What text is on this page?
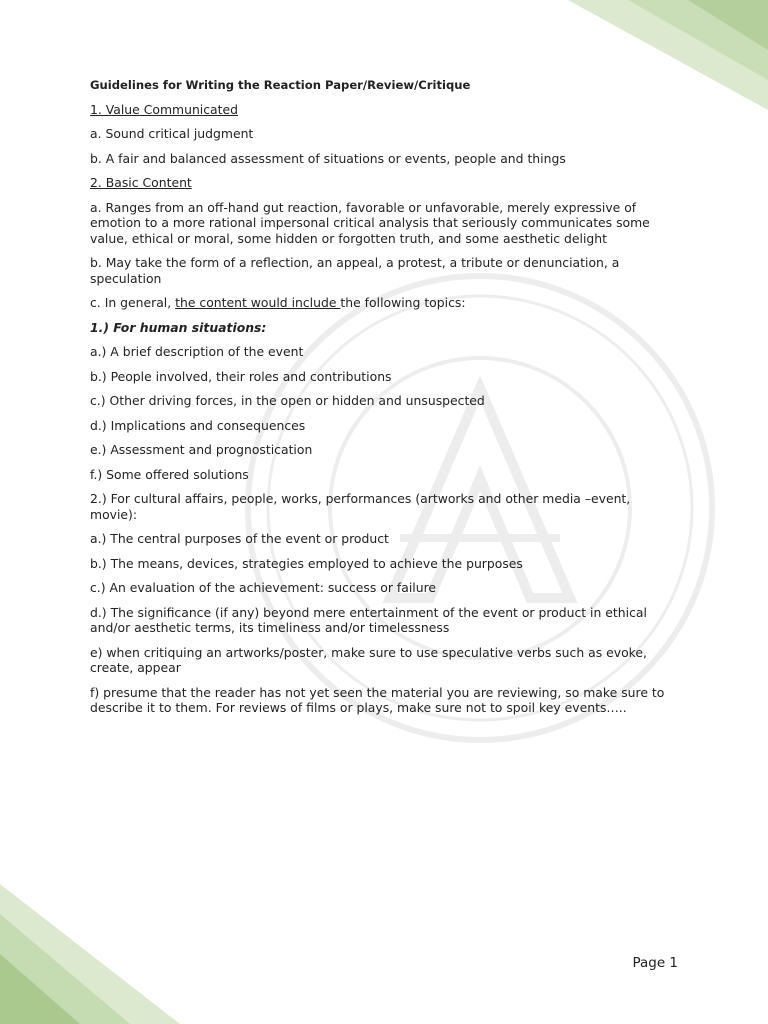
Guidelines for Writing the Reaction Paper/Review/Critique

1. Value Communicated

a. Sound critical judgment

b. A fair and balanced assessment of situations or events, people and things

2. Basic Content

a. Ranges from an off-hand gut reaction, favorable or unfavorable, merely expressive of emotion to a more rational impersonal critical analysis that seriously communicates some value, ethical or moral, some hidden or forgotten truth, and some aesthetic delight

b. May take the form of a reflection, an appeal, a protest, a tribute or denunciation, a speculation

c. In general, the content would include the following topics:

1.) For human situations:

a.) A brief description of the event

b.) People involved, their roles and contributions

c.) Other driving forces, in the open or hidden and unsuspected

d.) Implications and consequences

e.) Assessment and prognostication

f.) Some offered solutions

2.) For cultural affairs, people, works, performances (artworks and other media –event, movie):

a.) The central purposes of the event or product

b.) The means, devices, strategies employed to achieve the purposes

c.) An evaluation of the achievement: success or failure

d.) The significance (if any) beyond mere entertainment of the event or product in ethical and/or aesthetic terms, its timeliness and/or timelessness

e) when critiquing an artworks/poster, make sure to use speculative verbs such as evoke, create, appear

f) presume that the reader has not yet seen the material you are reviewing, so make sure to describe it to them. For reviews of films or plays, make sure not to spoil key events…..

Page 1
